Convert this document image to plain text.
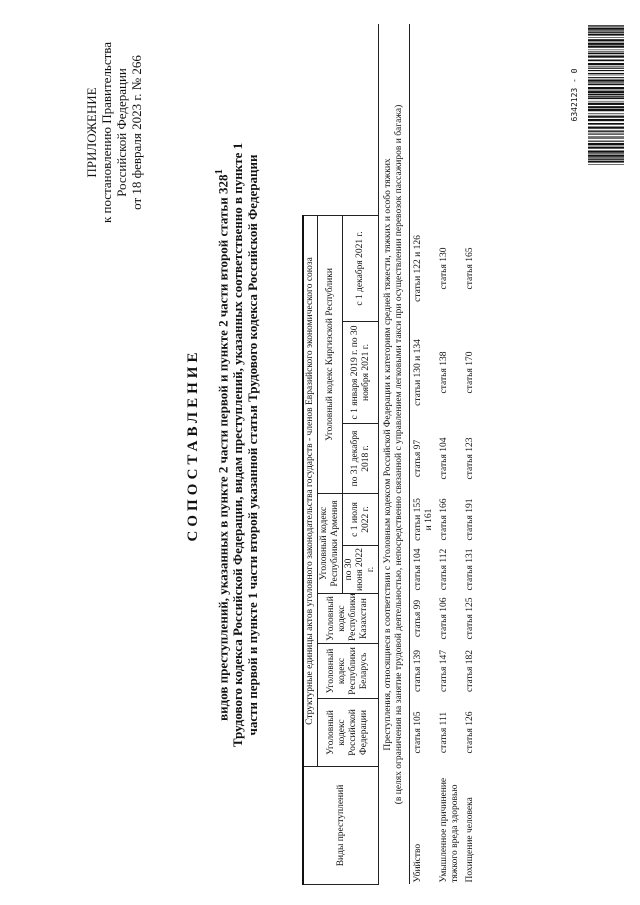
ПРИЛОЖЕНИЕ к постановлению Правительства Российской Федерации от 18 февраля 2023 г. № 266	6342123 - 0
СОПОСТАВЛЕНИЕ видов преступлений, указанных в пункте 2 части первой и пункте 2 части второй статьи $328^1$ Трудового кодекса Российской Федерации, видам преступлений, указанных соответственно в пункте 1 части первой и пункте 1 части второй указанной статьи Трудового кодекса Российской Федерации
Виды преступлений	Структурные единицы актов уголовного законодательства государств - членов Евразийского экономического союза								
	Уголовный кодекс Российской Федерации	Уголовный кодекс Республики Беларусь	Уголовный кодекс Республики Казахстан	Уголовный кодекс Республики Армения		Уголовный кодекс Киргизской Республики			
				по 30 июня 2022 г.	с 1 июля 2022 г.	по 31 декабря 2018 г.	с 1 января 2019 г. по 30 ноября 2021 г.	с 1 декабря 2021 г.	

Преступления, относящиеся в соответствии с Уголовным кодексом Российской Федерации к категориям средней тяжести, тяжких и особо тяжких (в целях ограничения на занятие трудовой деятельностью, непосредственно связанной с управлением легковыми такси при осуществлении перевозок пассажиров и багажа)									

Убийство	статья 105	статья 139	статья 99	статья 104	статьи 155 и 161	статья 97	статьи 130 и 134	статьи 122 и 126	
Умышленное причинение тяжкого вреда здоровью	статья 111	статья 147	статья 106	статья 112	статья 166	статья 104	статья 138	статья 130	
Похищение человека	статья 126	статья 182	статья 125	статья 131	статья 191	статья 123	статья 170	статья 165	
